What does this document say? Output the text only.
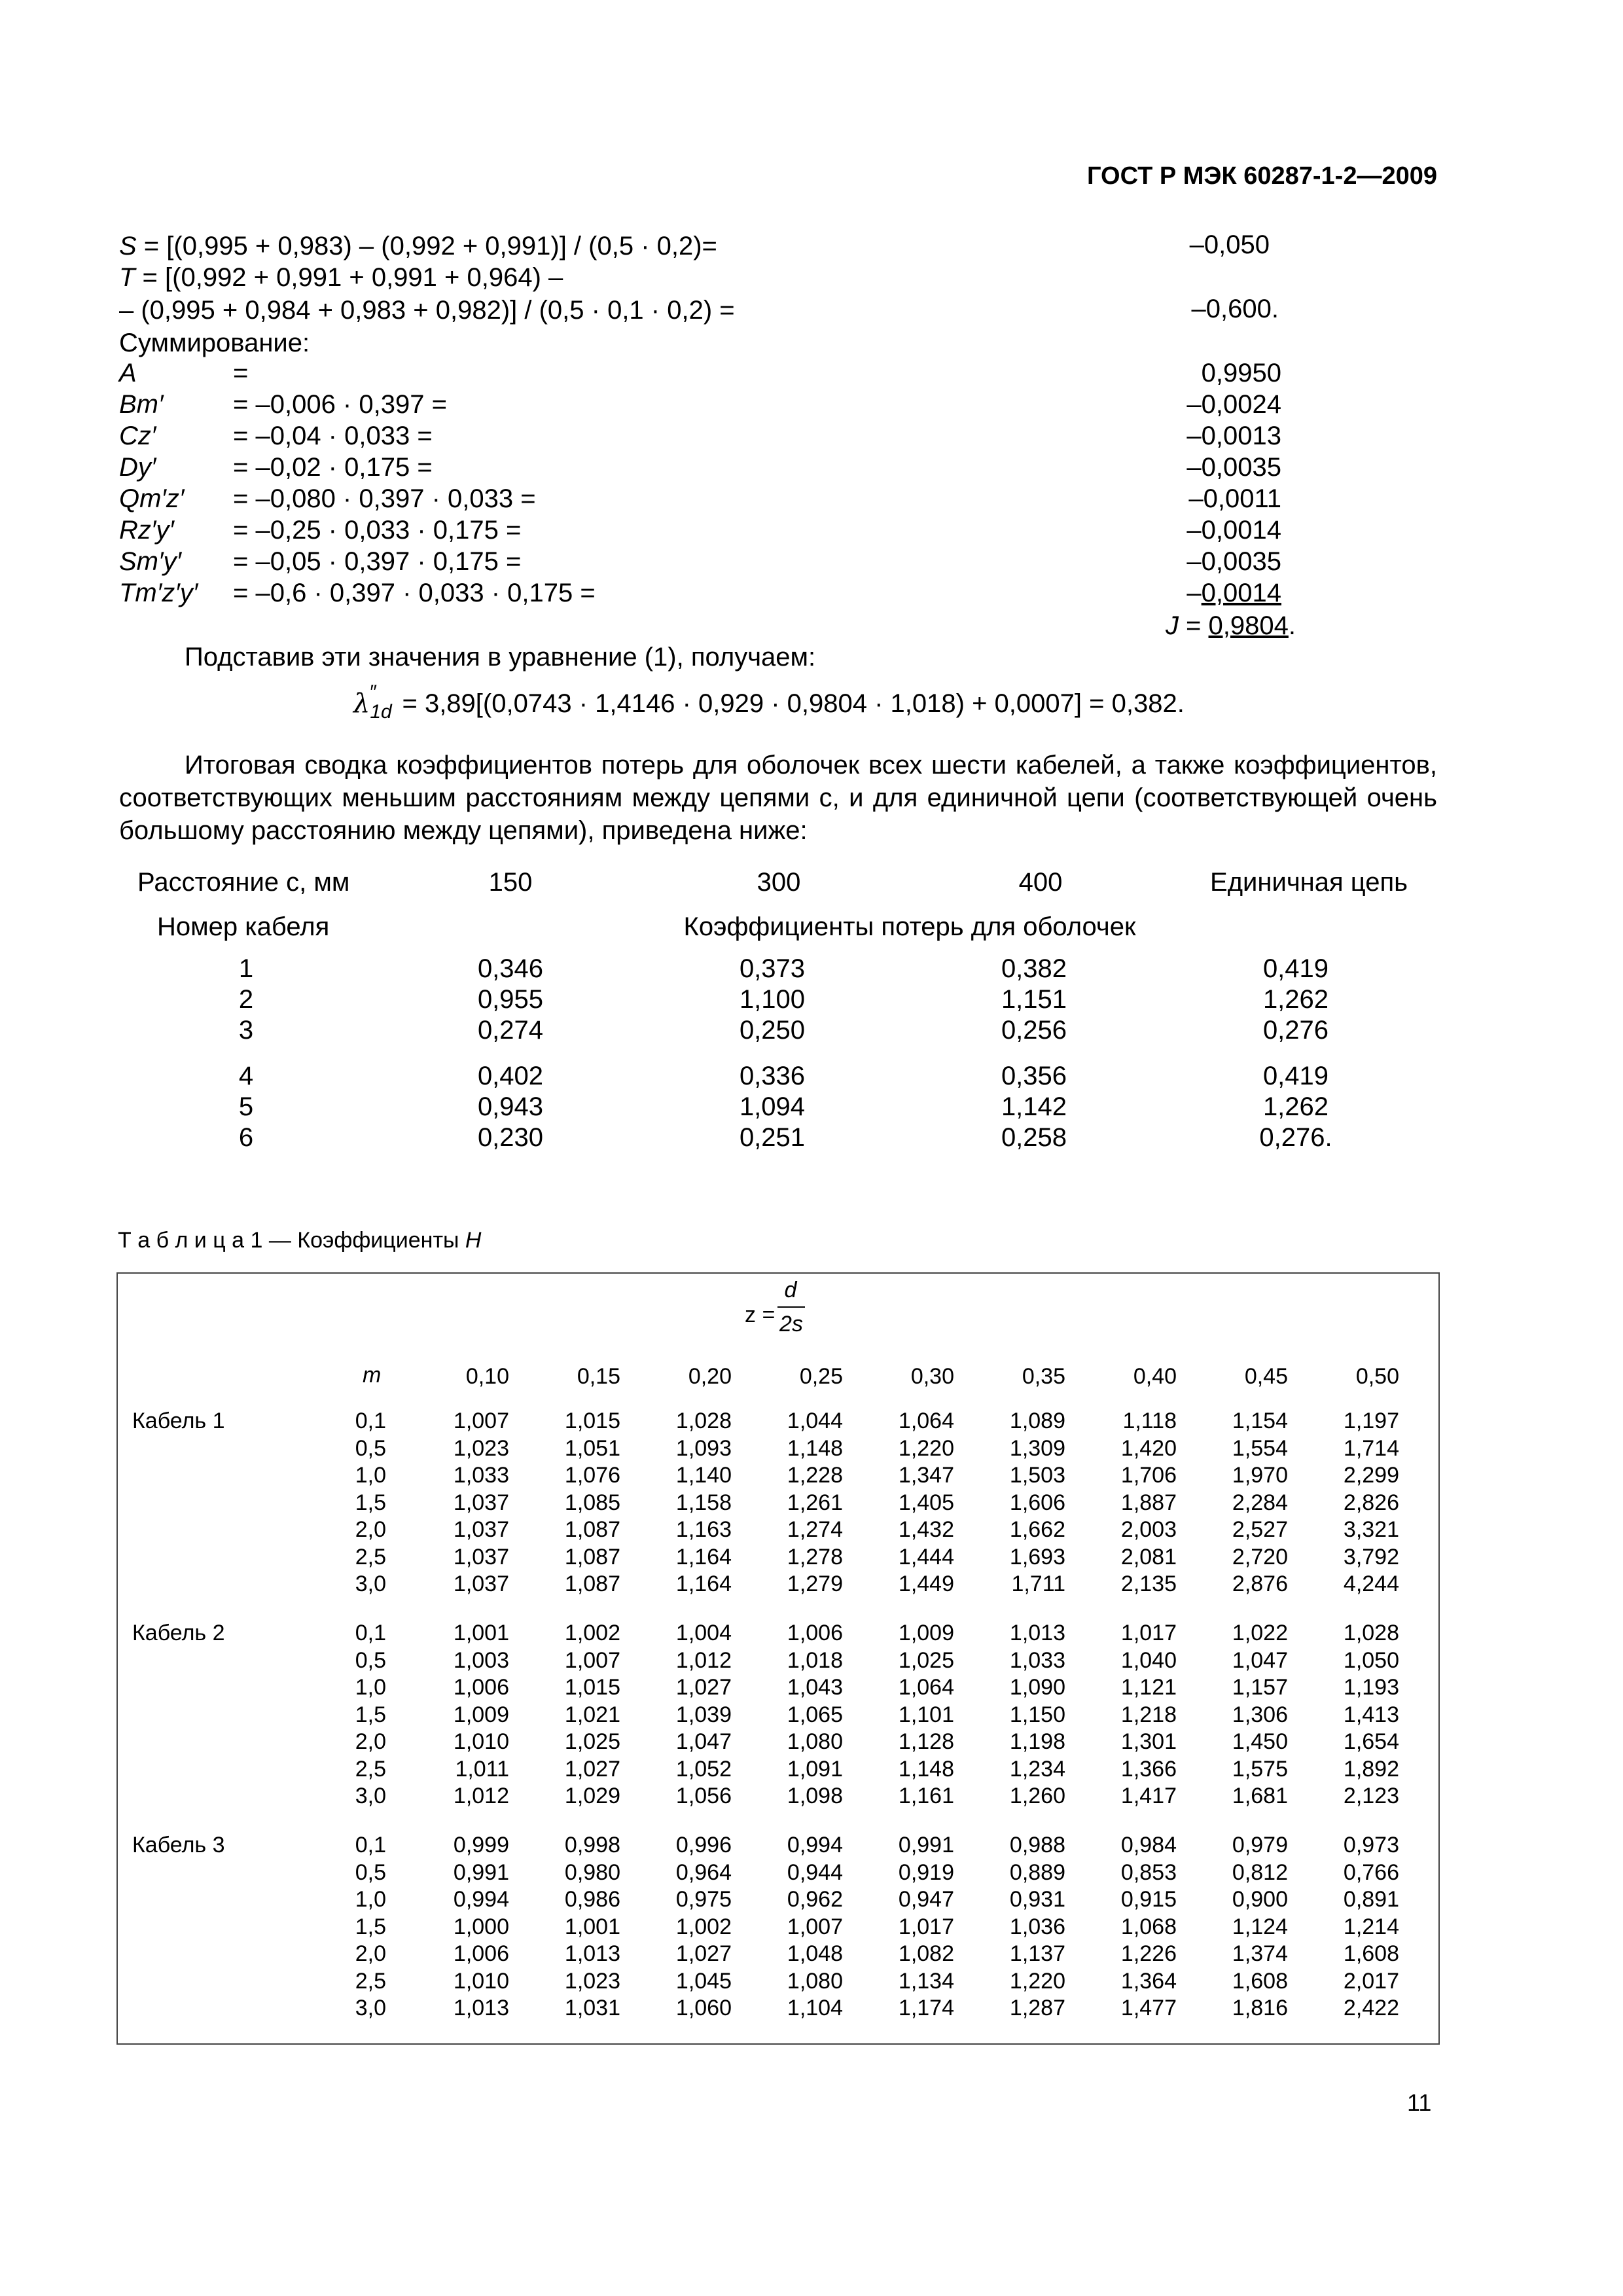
ГОСТ Р МЭК 60287-1-2—2009
S = [(0,995 + 0,983) – (0,992 + 0,991)] / (0,5 · 0,2)=	–0,050
T = [(0,992 + 0,991 + 0,991 + 0,964) –
– (0,995 + 0,984 + 0,983 + 0,982)] / (0,5 · 0,1 · 0,2) =	–0,600.
Суммирование:
A	=	0,9950
Bm′	= –0,006 · 0,397 =	–0,0024
Cz′	= –0,04 · 0,033 =	–0,0013
Dy′	= –0,02 · 0,175 =	–0,0035
Qm′z′ = –0,080 · 0,397 · 0,033 =	–0,0011
Rz′y′ = –0,25 · 0,033 · 0,175 =	–0,0014
Sm′y′ = –0,05 · 0,397 · 0,175 =	–0,0035
Tm′z′y′ = –0,6 · 0,397 · 0,033 · 0,175 =	–0,0014
J = 0,9804.
Подставив эти значения в уравнение (1), получаем:
λ ″
1d = 3,89[(0,0743 · 1,4146 · 0,929 · 0,9804 · 1,018) + 0,0007] = 0,382.
Итоговая сводка коэффициентов потерь для оболочек всех шести кабелей, а также коэффициентов, соответствующих меньшим расстояниям между цепями c, и для единичной цепи (соответствующей очень большому расстоянию между цепями), приведена ниже:
Расстояние c, мм	150	300	400	Единичная цепь
Номер кабеля	Коэффициенты потерь для оболочек
1	0,346	0,373	0,382	0,419
2	0,955	1,100	1,151	1,262
3	0,274	0,250	0,256	0,276
4	0,402	0,336	0,356	0,419
5	0,943	1,094	1,142	1,262
6	0,230	0,251	0,258	0,276.
Т а б л и ц а 1 — Коэффициенты H
z =
d
2s
m	0,10	0,15	0,20	0,25	0,30	0,35	0,40	0,45	0,50
Кабель 1	0,1	1,007	1,015	1,028	1,044	1,064	1,089	1,118	1,154	1,197
0,5	1,023	1,051	1,093	1,148	1,220	1,309	1,420	1,554	1,714
1,0	1,033	1,076	1,140	1,228	1,347	1,503	1,706	1,970	2,299
1,5	1,037	1,085	1,158	1,261	1,405	1,606	1,887	2,284	2,826
2,0	1,037	1,087	1,163	1,274	1,432	1,662	2,003	2,527	3,321
2,5	1,037	1,087	1,164	1,278	1,444	1,693	2,081	2,720	3,792
3,0	1,037	1,087	1,164	1,279	1,449	1,711	2,135	2,876	4,244
Кабель 2	0,1	1,001	1,002	1,004	1,006	1,009	1,013	1,017	1,022	1,028
0,5	1,003	1,007	1,012	1,018	1,025	1,033	1,040	1,047	1,050
1,0	1,006	1,015	1,027	1,043	1,064	1,090	1,121	1,157	1,193
1,5	1,009	1,021	1,039	1,065	1,101	1,150	1,218	1,306	1,413
2,0	1,010	1,025	1,047	1,080	1,128	1,198	1,301	1,450	1,654
2,5	1,011	1,027	1,052	1,091	1,148	1,234	1,366	1,575	1,892
3,0	1,012	1,029	1,056	1,098	1,161	1,260	1,417	1,681	2,123
Кабель 3	0,1	0,999	0,998	0,996	0,994	0,991	0,988	0,984	0,979	0,973
0,5	0,991	0,980	0,964	0,944	0,919	0,889	0,853	0,812	0,766
1,0	0,994	0,986	0,975	0,962	0,947	0,931	0,915	0,900	0,891
1,5	1,000	1,001	1,002	1,007	1,017	1,036	1,068	1,124	1,214
2,0	1,006	1,013	1,027	1,048	1,082	1,137	1,226	1,374	1,608
2,5	1,010	1,023	1,045	1,080	1,134	1,220	1,364	1,608	2,017
3,0	1,013	1,031	1,060	1,104	1,174	1,287	1,477	1,816	2,422
11
